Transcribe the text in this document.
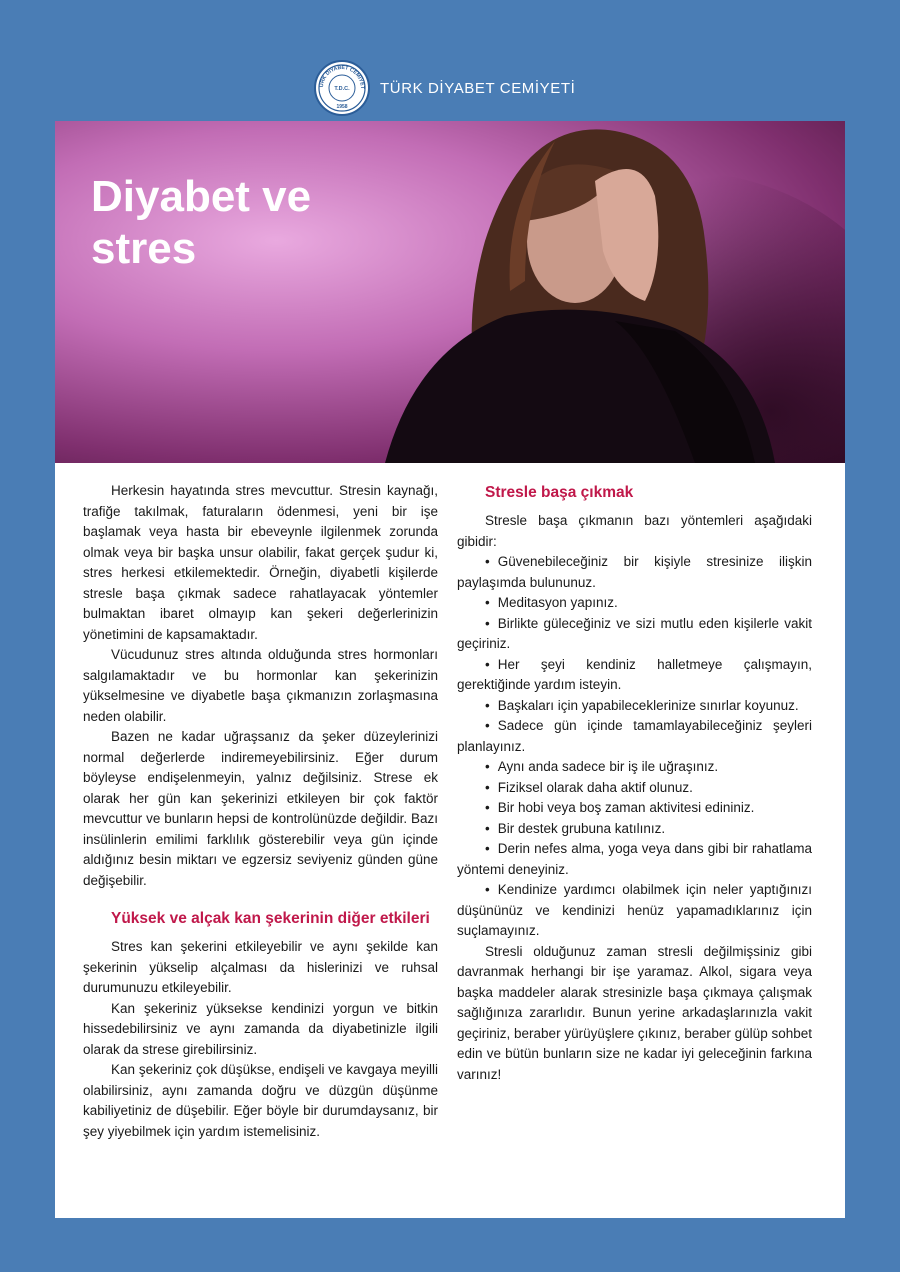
ÜRK DİYABET CEMİYET
T.D.C.
1958
TÜRK DİYABET CEMİYETİ
Diyabet ve stres

Herkesin hayatında stres mevcuttur. Stresin kaynağı, trafiğe takılmak, faturaların ödenmesi, yeni bir işe başlamak veya hasta bir ebeveynle ilgilenmek zorunda olmak veya bir başka unsur olabilir, fakat gerçek şudur ki, stres herkesi etkilemektedir. Örneğin, diyabetli kişilerde stresle başa çıkmak sadece rahatlayacak yöntemler bulmaktan ibaret olmayıp kan şekeri değerlerinizin yönetimini de kapsamaktadır.

Vücudunuz stres altında olduğunda stres hormonları salgılamaktadır ve bu hormonlar kan şekerinizin yükselmesine ve diyabetle başa çıkmanızın zorlaşmasına neden olabilir.

Bazen ne kadar uğraşsanız da şeker düzeylerinizi normal değerlerde indiremeyebilirsiniz. Eğer durum böyleyse endişelenmeyin, yalnız değilsiniz. Strese ek olarak her gün kan şekerinizi etkileyen bir çok faktör mevcuttur ve bunların hepsi de kontrolünüzde değildir. Bazı insülinlerin emilimi farklılık gösterebilir veya gün içinde aldığınız besin miktarı ve egzersiz seviyeniz günden güne değişebilir.

Yüksek ve alçak kan şekerinin diğer etkileri

Stres kan şekerini etkileyebilir ve aynı şekilde kan şekerinin yükselip alçalması da hislerinizi ve ruhsal durumunuzu etkileyebilir.

Kan şekeriniz yüksekse kendinizi yorgun ve bitkin hissedebilirsiniz ve aynı zamanda da diyabetinizle ilgili olarak da strese girebilirsiniz.

Kan şekeriniz çok düşükse, endişeli ve kavgaya meyilli olabilirsiniz, aynı zamanda doğru ve düzgün düşünme kabiliyetiniz de düşebilir. Eğer böyle bir durumdaysanız, bir şey yiyebilmek için yardım istemelisiniz.

Stresle başa çıkmak

Stresle başa çıkmanın bazı yöntemleri aşağıdaki gibidir:

• Güvenebileceğiniz bir kişiyle stresinize ilişkin paylaşımda bulununuz.
• Meditasyon yapınız.
• Birlikte güleceğiniz ve sizi mutlu eden kişilerle vakit geçiriniz.
• Her şeyi kendiniz halletmeye çalışmayın, gerektiğinde yardım isteyin.
• Başkaları için yapabileceklerinize sınırlar koyunuz.
• Sadece gün içinde tamamlayabileceğiniz şeyleri planlayınız.
• Aynı anda sadece bir iş ile uğraşınız.
• Fiziksel olarak daha aktif olunuz.
• Bir hobi veya boş zaman aktivitesi edininiz.
• Bir destek grubuna katılınız.
• Derin nefes alma, yoga veya dans gibi bir rahatlama yöntemi deneyiniz.
• Kendinize yardımcı olabilmek için neler yaptığınızı düşününüz ve kendinizi henüz yapamadıklarınız için suçlamayınız.

Stresli olduğunuz zaman stresli değilmişsiniz gibi davranmak herhangi bir işe yaramaz. Alkol, sigara veya başka maddeler alarak stresinizle başa çıkmaya çalışmak sağlığınıza zararlıdır. Bunun yerine arkadaşlarınızla vakit geçiriniz, beraber yürüyüşlere çıkınız, beraber gülüp sohbet edin ve bütün bunların size ne kadar iyi geleceğinin farkına varınız!
